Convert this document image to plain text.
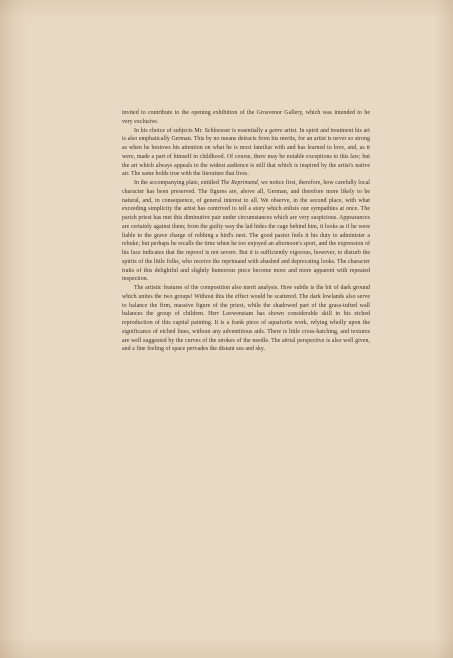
invited to contribute to the opening exhibition of the Grosvenor Gallery, which was intended to be very exclusive.

In his choice of subjects Mr. Schloesser is essentially a genre artist. In spirit and treatment his art is also emphatically German. This by no means detracts from his merits, for an artist is never so strong as when he bestows his attention on what he is most familiar with and has learned to love, and, as it were, made a part of himself in childhood. Of course, there may be notable exceptions to this law; but the art which always appeals to the widest audience is still that which is inspired by the artist's native air. The same holds true with the literature that lives.

In the accompanying plate, entitled The Reprimand, we notice first, therefore, how carefully local character has been preserved. The figures are, above all, German, and therefore more likely to be natural, and, in consequence, of general interest to all. We observe, in the second place, with what exceeding simplicity the artist has contrived to tell a story which enlists our sympathies at once. The parish priest has met this diminutive pair under circumstances which are very suspicious. Appearances are certainly against them; from the guilty way the lad hides the cage behind him, it looks as if he were liable to the grave charge of robbing a bird's nest. The good pastor feels it his duty to administer a rebuke; but perhaps he recalls the time when he too enjoyed an afternoon's sport, and the expression of his face indicates that the reproof is not severe. But it is sufficiently vigorous, however, to disturb the spirits of the little folks, who receive the reprimand with abashed and deprecating looks. The character traits of this delightful and slightly humorous piece become more and more apparent with repeated inspection.

The artistic features of the composition also merit analysis. How subtle is the bit of dark ground which unites the two groups! Without this the effect would be scattered. The dark lowlands also serve to balance the firm, massive figure of the priest, while the shadowed part of the grass-tufted wall balances the group of children. Herr Loewenstam has shown considerable skill in his etched reproduction of this capital painting. It is a frank piece of aquafortis work, relying wholly upon the significance of etched lines, without any adventitious aids. There is little cross-hatching, and textures are well suggested by the curves of the strokes of the needle. The aërial perspective is also well given, and a fine feeling of space pervades the distant sea and sky.
